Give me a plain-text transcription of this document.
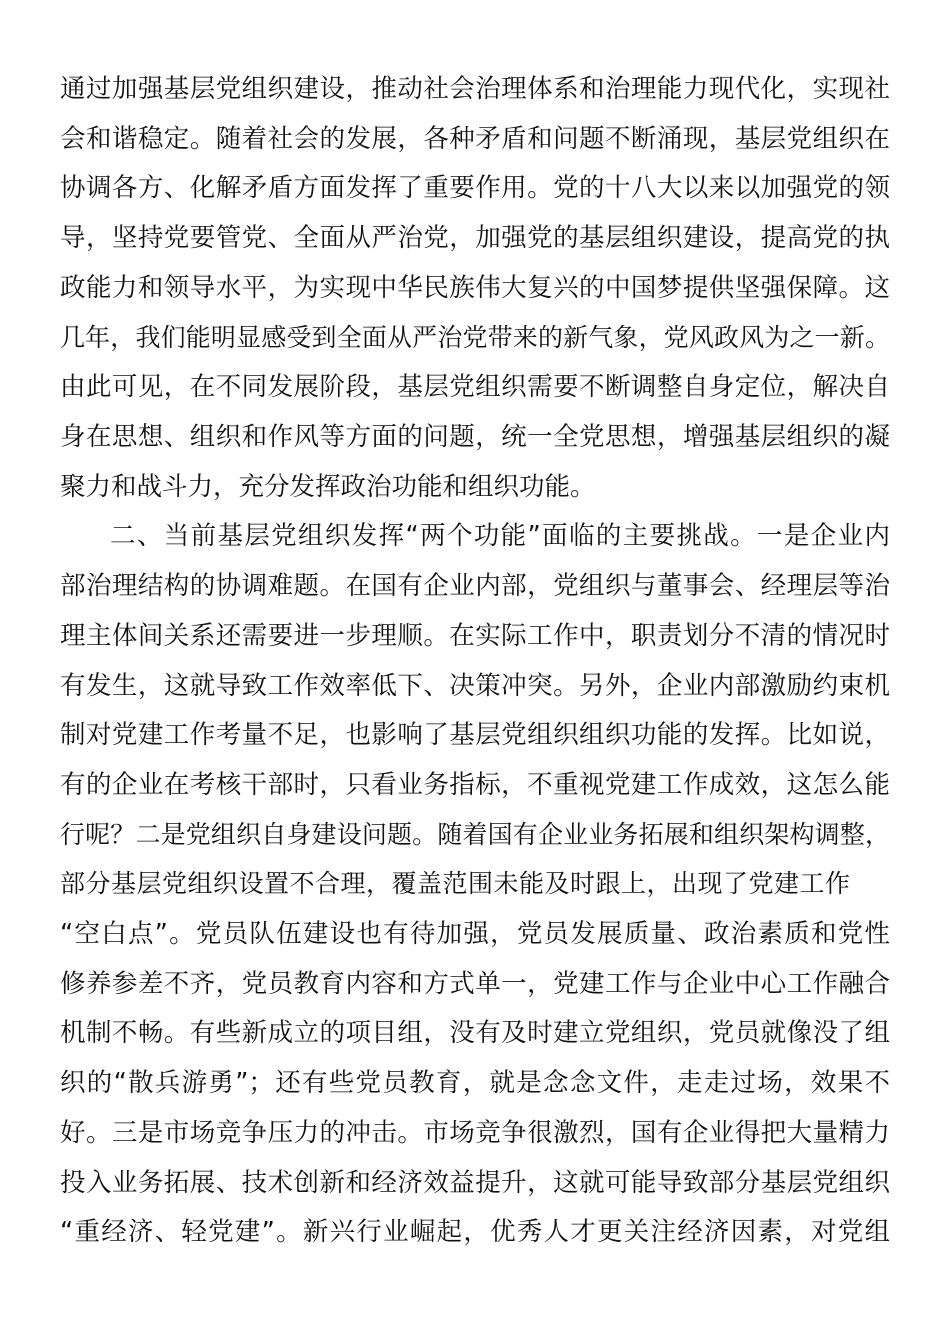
通过加强基层党组织建设，推动社会治理体系和治理能力现代化，实现社
会和谐稳定。随着社会的发展，各种矛盾和问题不断涌现，基层党组织在
协调各方、化解矛盾方面发挥了重要作用。党的十八大以来以加强党的领
导，坚持党要管党、全面从严治党，加强党的基层组织建设，提高党的执
政能力和领导水平，为实现中华民族伟大复兴的中国梦提供坚强保障。这
几年，我们能明显感受到全面从严治党带来的新气象，党风政风为之一新。
由此可见，在不同发展阶段，基层党组织需要不断调整自身定位，解决自
身在思想、组织和作风等方面的问题，统一全党思想，增强基层组织的凝
聚力和战斗力，充分发挥政治功能和组织功能。
二、当前基层党组织发挥“两个功能”面临的主要挑战。一是企业内
部治理结构的协调难题。在国有企业内部，党组织与董事会、经理层等治
理主体间关系还需要进一步理顺。在实际工作中，职责划分不清的情况时
有发生，这就导致工作效率低下、决策冲突。另外，企业内部激励约束机
制对党建工作考量不足，也影响了基层党组织组织功能的发挥。比如说，
有的企业在考核干部时，只看业务指标，不重视党建工作成效，这怎么能
行呢？二是党组织自身建设问题。随着国有企业业务拓展和组织架构调整，
部分基层党组织设置不合理，覆盖范围未能及时跟上，出现了党建工作
“空白点”。党员队伍建设也有待加强，党员发展质量、政治素质和党性
修养参差不齐，党员教育内容和方式单一，党建工作与企业中心工作融合
机制不畅。有些新成立的项目组，没有及时建立党组织，党员就像没了组
织的“散兵游勇”；还有些党员教育，就是念念文件，走走过场，效果不
好。三是市场竞争压力的冲击。市场竞争很激烈，国有企业得把大量精力
投入业务拓展、技术创新和经济效益提升，这就可能导致部分基层党组织
“重经济、轻党建”。新兴行业崛起，优秀人才更关注经济因素，对党组
